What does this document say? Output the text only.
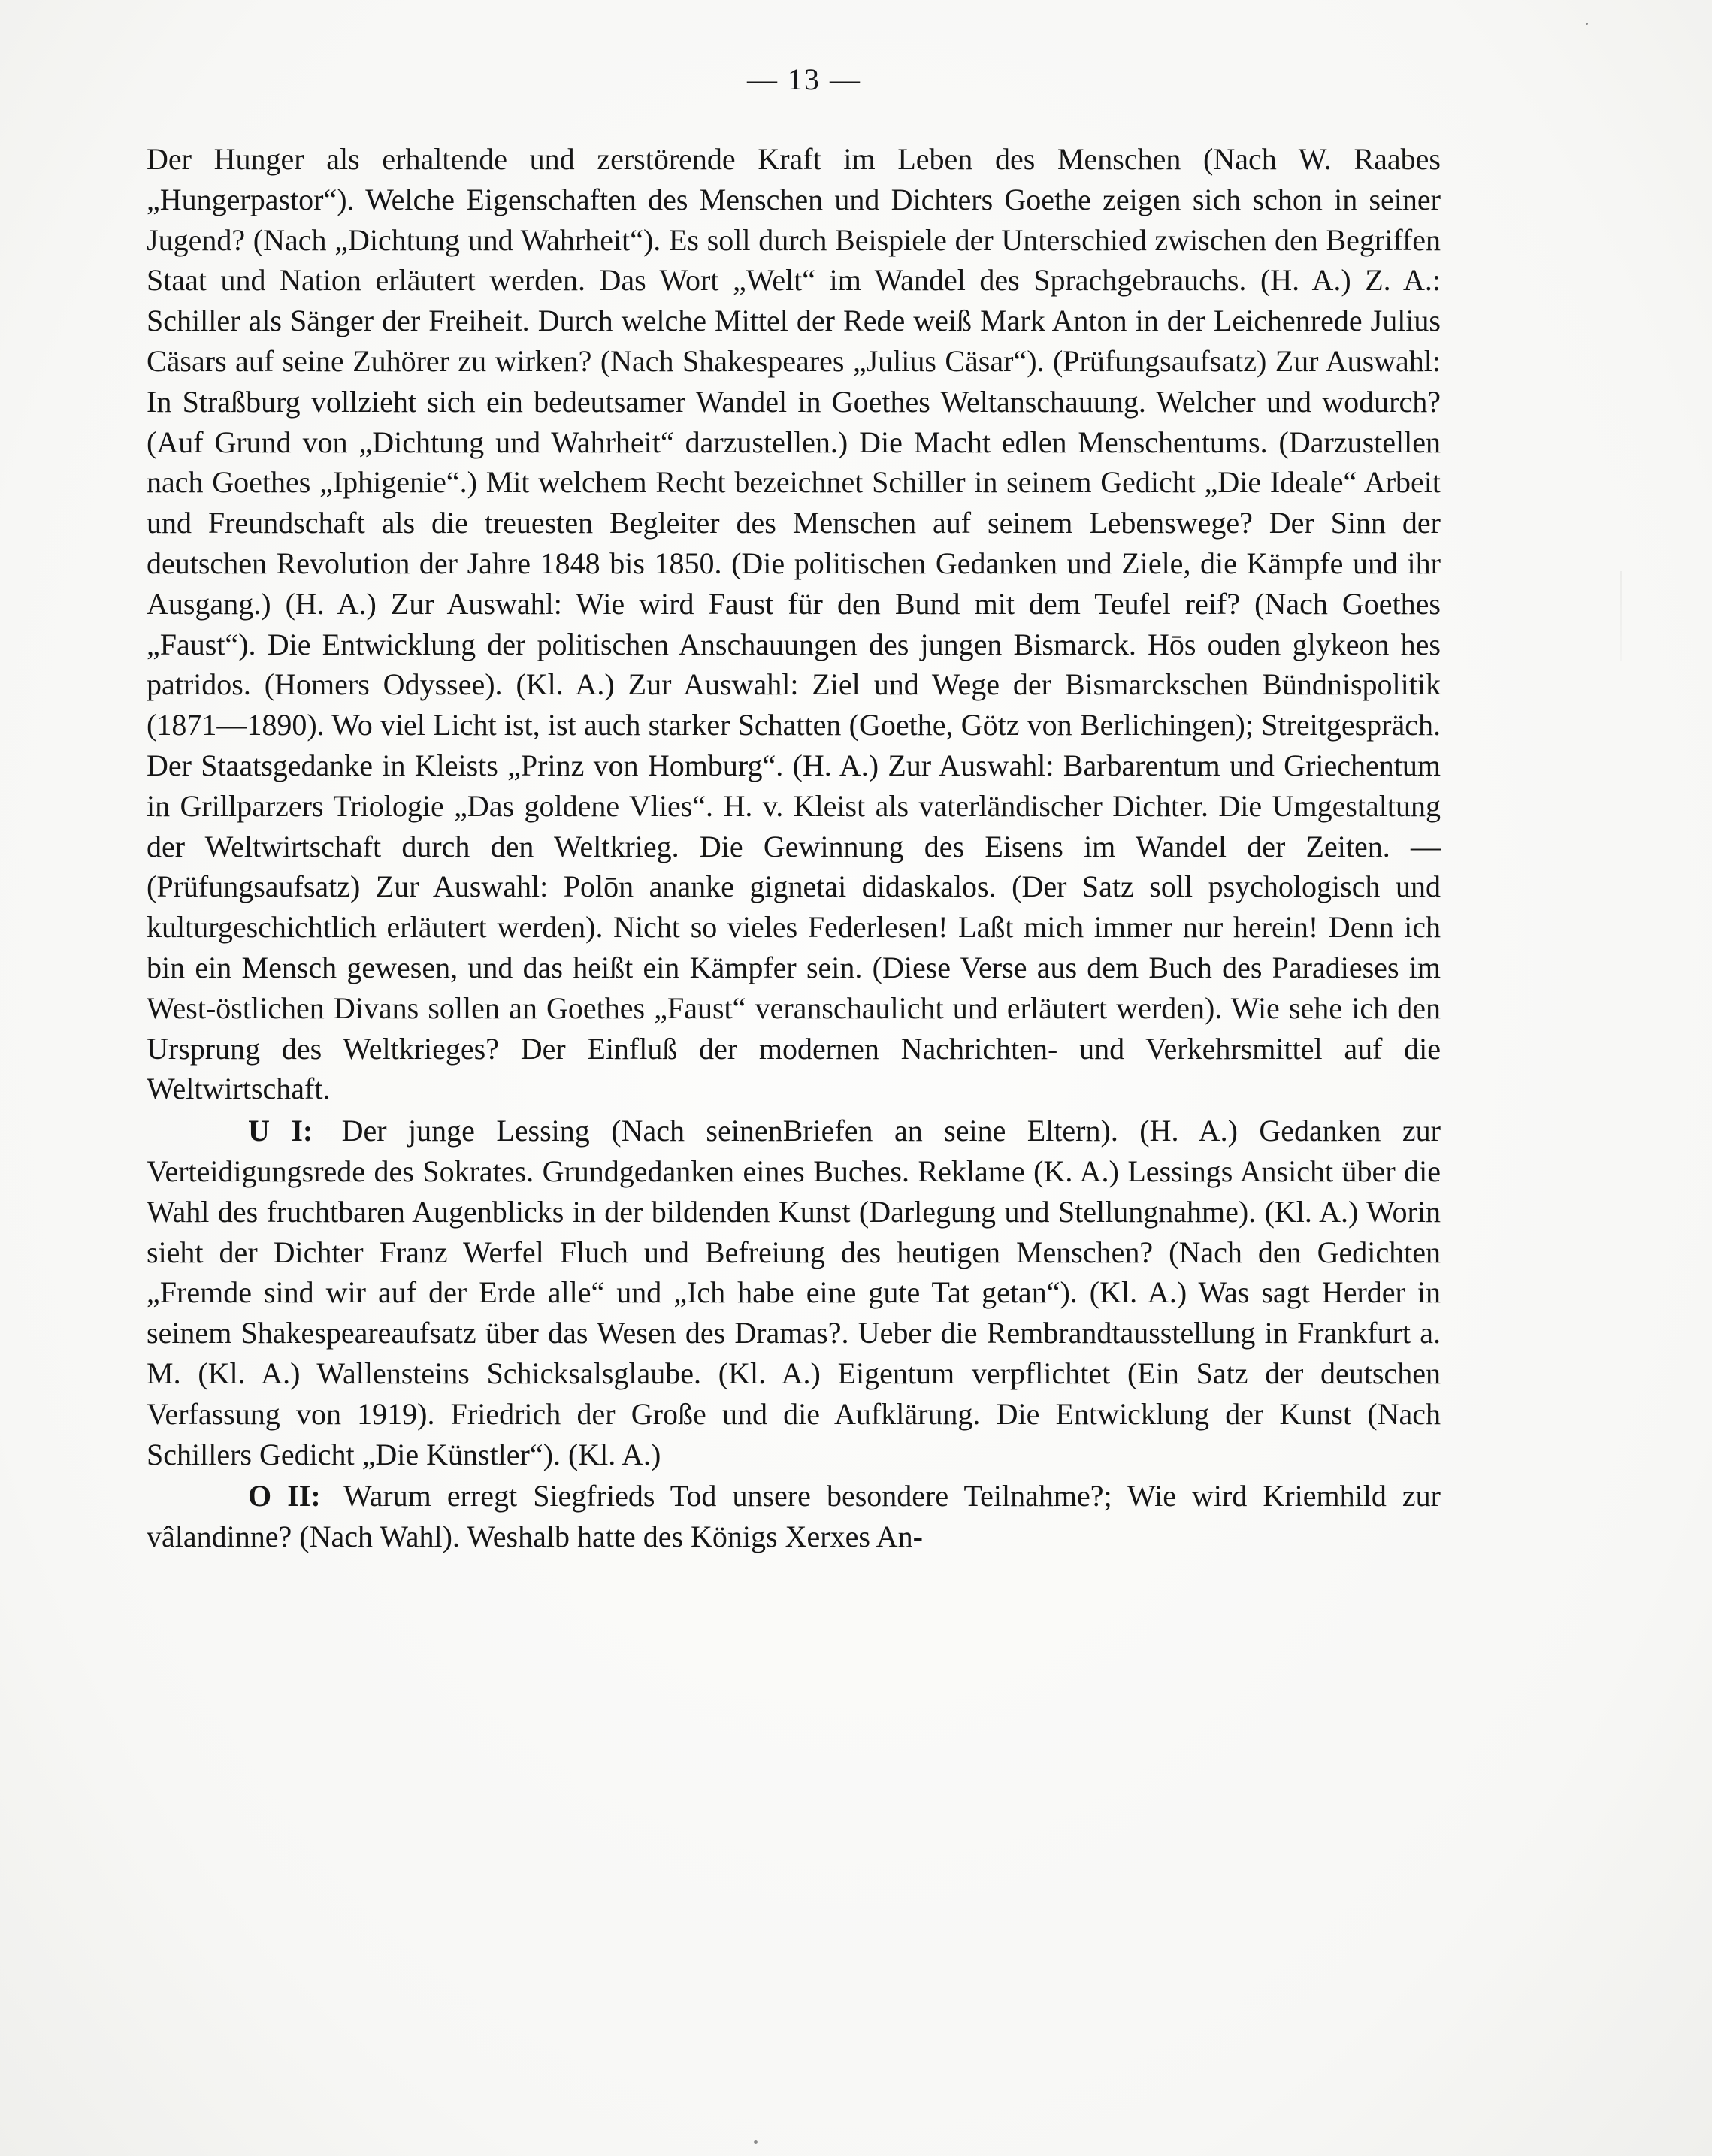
— 13 —

Der Hunger als erhaltende und zerstörende Kraft im Leben des Menschen (Nach W. Raabes „Hungerpastor“). Welche Eigenschaften des Menschen und Dichters Goethe zeigen sich schon in seiner Jugend? (Nach „Dichtung und Wahrheit“). Es soll durch Beispiele der Unterschied zwischen den Begriffen Staat und Nation erläutert werden. Das Wort „Welt“ im Wandel des Sprachgebrauchs. (H. A.) Z. A.: Schiller als Sänger der Freiheit. Durch welche Mittel der Rede weiß Mark Anton in der Leichenrede Julius Cäsars auf seine Zuhörer zu wirken? (Nach Shakespeares „Julius Cäsar“). (Prüfungsaufsatz) Zur Auswahl: In Straßburg vollzieht sich ein bedeutsamer Wandel in Goethes Weltanschauung. Welcher und wodurch? (Auf Grund von „Dichtung und Wahrheit“ darzustellen.) Die Macht edlen Menschentums. (Darzustellen nach Goethes „Iphigenie“.) Mit welchem Recht bezeichnet Schiller in seinem Gedicht „Die Ideale“ Arbeit und Freundschaft als die treuesten Begleiter des Menschen auf seinem Lebenswege? Der Sinn der deutschen Revolution der Jahre 1848 bis 1850. (Die politischen Gedanken und Ziele, die Kämpfe und ihr Ausgang.) (H. A.) Zur Auswahl: Wie wird Faust für den Bund mit dem Teufel reif? (Nach Goethes „Faust“). Die Entwicklung der politischen Anschauungen des jungen Bismarck. Hōs ouden glykeon hes patridos. (Homers Odyssee). (Kl. A.) Zur Auswahl: Ziel und Wege der Bismarckschen Bündnispolitik (1871—1890). Wo viel Licht ist, ist auch starker Schatten (Goethe, Götz von Berlichingen); Streitgespräch. Der Staatsgedanke in Kleists „Prinz von Homburg“. (H. A.) Zur Auswahl: Barbarentum und Griechentum in Grillparzers Triologie „Das goldene Vlies“. H. v. Kleist als vaterländischer Dichter. Die Umgestaltung der Weltwirtschaft durch den Weltkrieg. Die Gewinnung des Eisens im Wandel der Zeiten. — (Prüfungsaufsatz) Zur Auswahl: Polōn ananke gignetai didaskalos. (Der Satz soll psychologisch und kulturgeschichtlich erläutert werden). Nicht so vieles Federlesen! Laßt mich immer nur herein! Denn ich bin ein Mensch gewesen, und das heißt ein Kämpfer sein. (Diese Verse aus dem Buch des Paradieses im West-östlichen Divans sollen an Goethes „Faust“ veranschaulicht und erläutert werden). Wie sehe ich den Ursprung des Weltkrieges? Der Einfluß der modernen Nachrichten- und Verkehrsmittel auf die Weltwirtschaft.

U I: Der junge Lessing (Nach seinenBriefen an seine Eltern). (H. A.) Gedanken zur Verteidigungsrede des Sokrates. Grundgedanken eines Buches. Reklame (K. A.) Lessings Ansicht über die Wahl des fruchtbaren Augenblicks in der bildenden Kunst (Darlegung und Stellungnahme). (Kl. A.) Worin sieht der Dichter Franz Werfel Fluch und Befreiung des heutigen Menschen? (Nach den Gedichten „Fremde sind wir auf der Erde alle“ und „Ich habe eine gute Tat getan“). (Kl. A.) Was sagt Herder in seinem Shakespeareaufsatz über das Wesen des Dramas?. Ueber die Rembrandtausstellung in Frankfurt a. M. (Kl. A.) Wallensteins Schicksalsglaube. (Kl. A.) Eigentum verpflichtet (Ein Satz der deutschen Verfassung von 1919). Friedrich der Große und die Aufklärung. Die Entwicklung der Kunst (Nach Schillers Gedicht „Die Künstler“). (Kl. A.)

O II: Warum erregt Siegfrieds Tod unsere besondere Teilnahme?; Wie wird Kriemhild zur vâlandinne? (Nach Wahl). Weshalb hatte des Königs Xerxes An-
